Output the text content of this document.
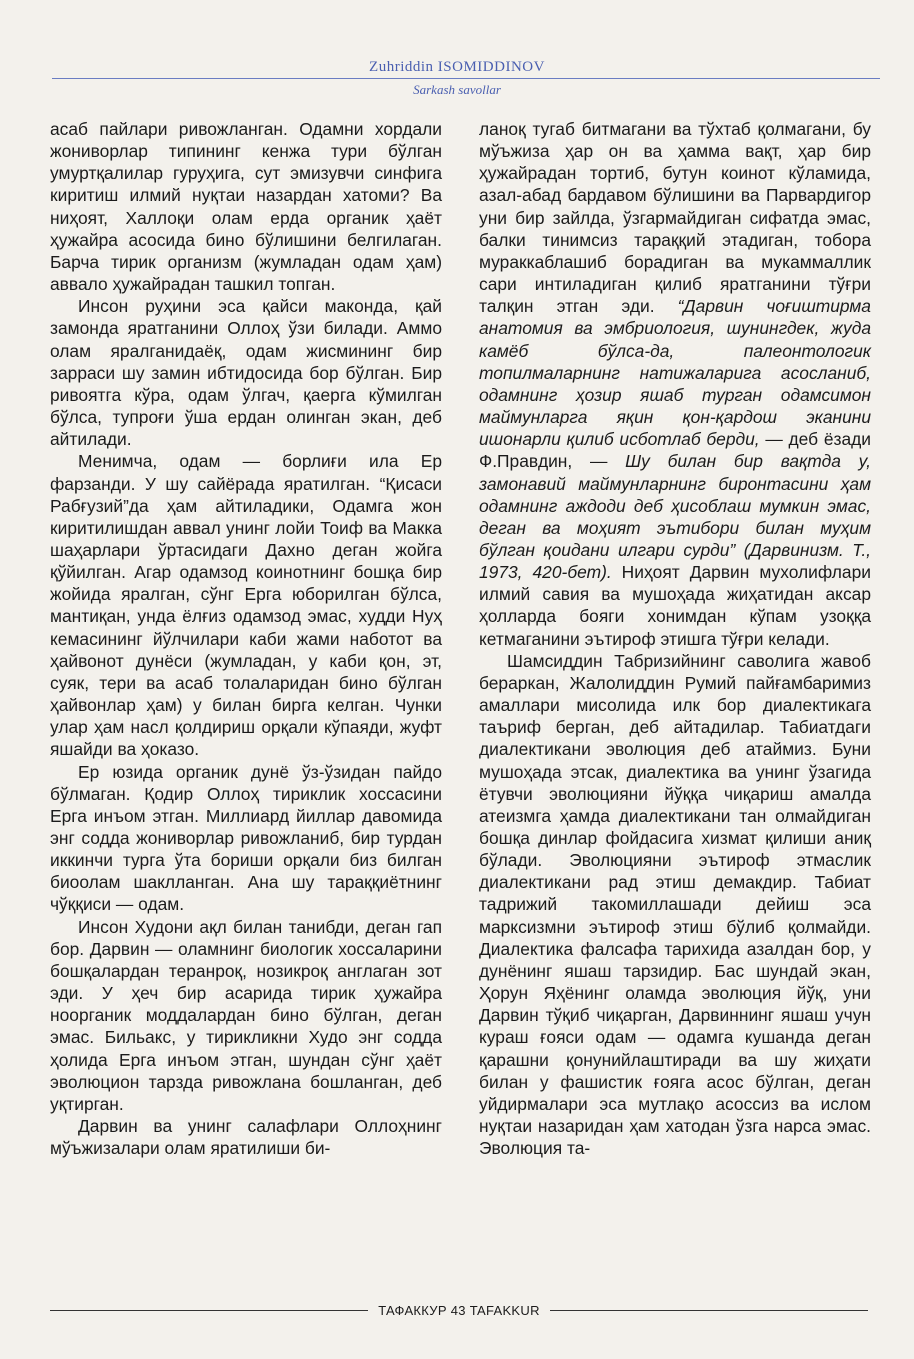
Zuhriddin ISOMIDDINOV
Sarkash savollar

асаб пайлари ривожланган. Одамни хордали жониворлар типининг кенжа тури бўлган умуртқалилар гуруҳига, сут эмизувчи синфига киритиш илмий нуқтаи назардан хатоми? Ва ниҳоят, Халлоқи олам ерда органик ҳаёт ҳужайра асосида бино бўлишини белгилаган. Барча тирик организм (жумладан одам ҳам) аввало ҳужайрадан ташкил топган.

Инсон руҳини эса қайси маконда, қай замонда яратганини Оллоҳ ўзи билади. Аммо олам яралганидаёқ, одам жисмининг бир зарраси шу замин ибтидосида бор бўлган. Бир ривоятга кўра, одам ўлгач, қаерга кўмилган бўлса, тупроғи ўша ердан олинган экан, деб айтилади.

Менимча, одам — борлиғи ила Ер фарзанди. У шу сайёрада яратилган. “Қисаси Рабғузий”да ҳам айтиладики, Одамга жон киритилишдан аввал унинг лойи Тоиф ва Макка шаҳарлари ўртасидаги Дахно деган жойга қўйилган. Агар одамзод коинотнинг бошқа бир жойида яралган, сўнг Ерга юборилган бўлса, мантиқан, унда ёлғиз одамзод эмас, худди Нуҳ кемасининг йўлчилари каби жами наботот ва ҳайвонот дунёси (жумладан, у каби қон, эт, суяк, тери ва асаб толаларидан бино бўлган ҳайвонлар ҳам) у билан бирга келган. Чунки улар ҳам насл қолдириш орқали кўпаяди, жуфт яшайди ва ҳоказо.

Ер юзида органик дунё ўз-ўзидан пайдо бўлмаган. Қодир Оллоҳ тириклик хоссасини Ерга инъом этган. Миллиард йиллар давомида энг содда жониворлар ривожланиб, бир турдан иккинчи турга ўта бориши орқали биз билган биоолам шаклланган. Ана шу тараққиётнинг чўққиси — одам.

Инсон Худони ақл билан танибди, деган гап бор. Дарвин — оламнинг биологик хоссаларини бошқалардан теранроқ, нозикроқ англаган зот эди. У ҳеч бир асарида тирик ҳужайра ноорганик моддалардан бино бўлган, деган эмас. Бильакс, у тирикликни Худо энг содда ҳолида Ерга инъом этган, шундан сўнг ҳаёт эволюцион тарзда ривожлана бошланган, деб уқтирган.

Дарвин ва унинг салафлари Оллоҳнинг мўъжизалари олам яратилиши би-

ланоқ тугаб битмагани ва тўхтаб қолмагани, бу мўъжиза ҳар он ва ҳамма вақт, ҳар бир ҳужайрадан тортиб, бутун коинот кўламида, азал-абад бардавом бўлишини ва Парвардигор уни бир зайлда, ўзгармайдиган сифатда эмас, балки тинимсиз тараққий этадиган, тобора мураккаблашиб борадиган ва мукаммаллик сари интиладиган қилиб яратганини тўғри талқин этган эди. “Дарвин чоғиштирма анатомия ва эмбриология, шунингдек, жуда камёб бўлса-да, палеонтологик топилмаларнинг натижаларига асосланиб, одамнинг ҳозир яшаб турган одамсимон маймунларга яқин қон-қардош эканини ишонарли қилиб исботлаб берди, — деб ёзади Ф.Правдин, — Шу билан бир вақтда у, замонавий маймунларнинг биронтасини ҳам одамнинг аждоди деб ҳисоблаш мумкин эмас, деган ва моҳият эътибори билан муҳим бўлган қоидани илгари сурди” (Дарвинизм. Т., 1973, 420-бет). Ниҳоят Дарвин мухолифлари илмий савия ва мушоҳада жиҳатидан аксар ҳолларда бояги хонимдан кўпам узоққа кетмаганини эътироф этишга тўғри келади.

Шамсиддин Табризийнинг саволига жавоб бераркан, Жалолиддин Румий пайғамбаримиз амаллари мисолида илк бор диалектикага таъриф берган, деб айтадилар. Табиатдаги диалектикани эволюция деб атаймиз. Буни мушоҳада этсак, диалектика ва унинг ўзагида ётувчи эволюцияни йўққа чиқариш амалда атеизмга ҳамда диалектикани тан олмайдиган бошқа динлар фойдасига хизмат қилиши аниқ бўлади. Эволюцияни эътироф этмаслик диалектикани рад этиш демакдир. Табиат тадрижий такомиллашади дейиш эса марксизмни эътироф этиш бўлиб қолмайди. Диалектика фалсафа тарихида азалдан бор, у дунёнинг яшаш тарзидир. Бас шундай экан, Ҳорун Яҳёнинг оламда эволюция йўқ, уни Дарвин тўқиб чиқарган, Дарвиннинг яшаш учун кураш ғояси одам — одамга кушанда деган қарашни қонунийлаштиради ва шу жиҳати билан у фашистик ғояга асос бўлган, деган уйдирмалари эса мутлақо асоссиз ва ислом нуқтаи назаридан ҳам хатодан ўзга нарса эмас. Эволюция та-

ТАФАККУР 43 TAFAKKUR
